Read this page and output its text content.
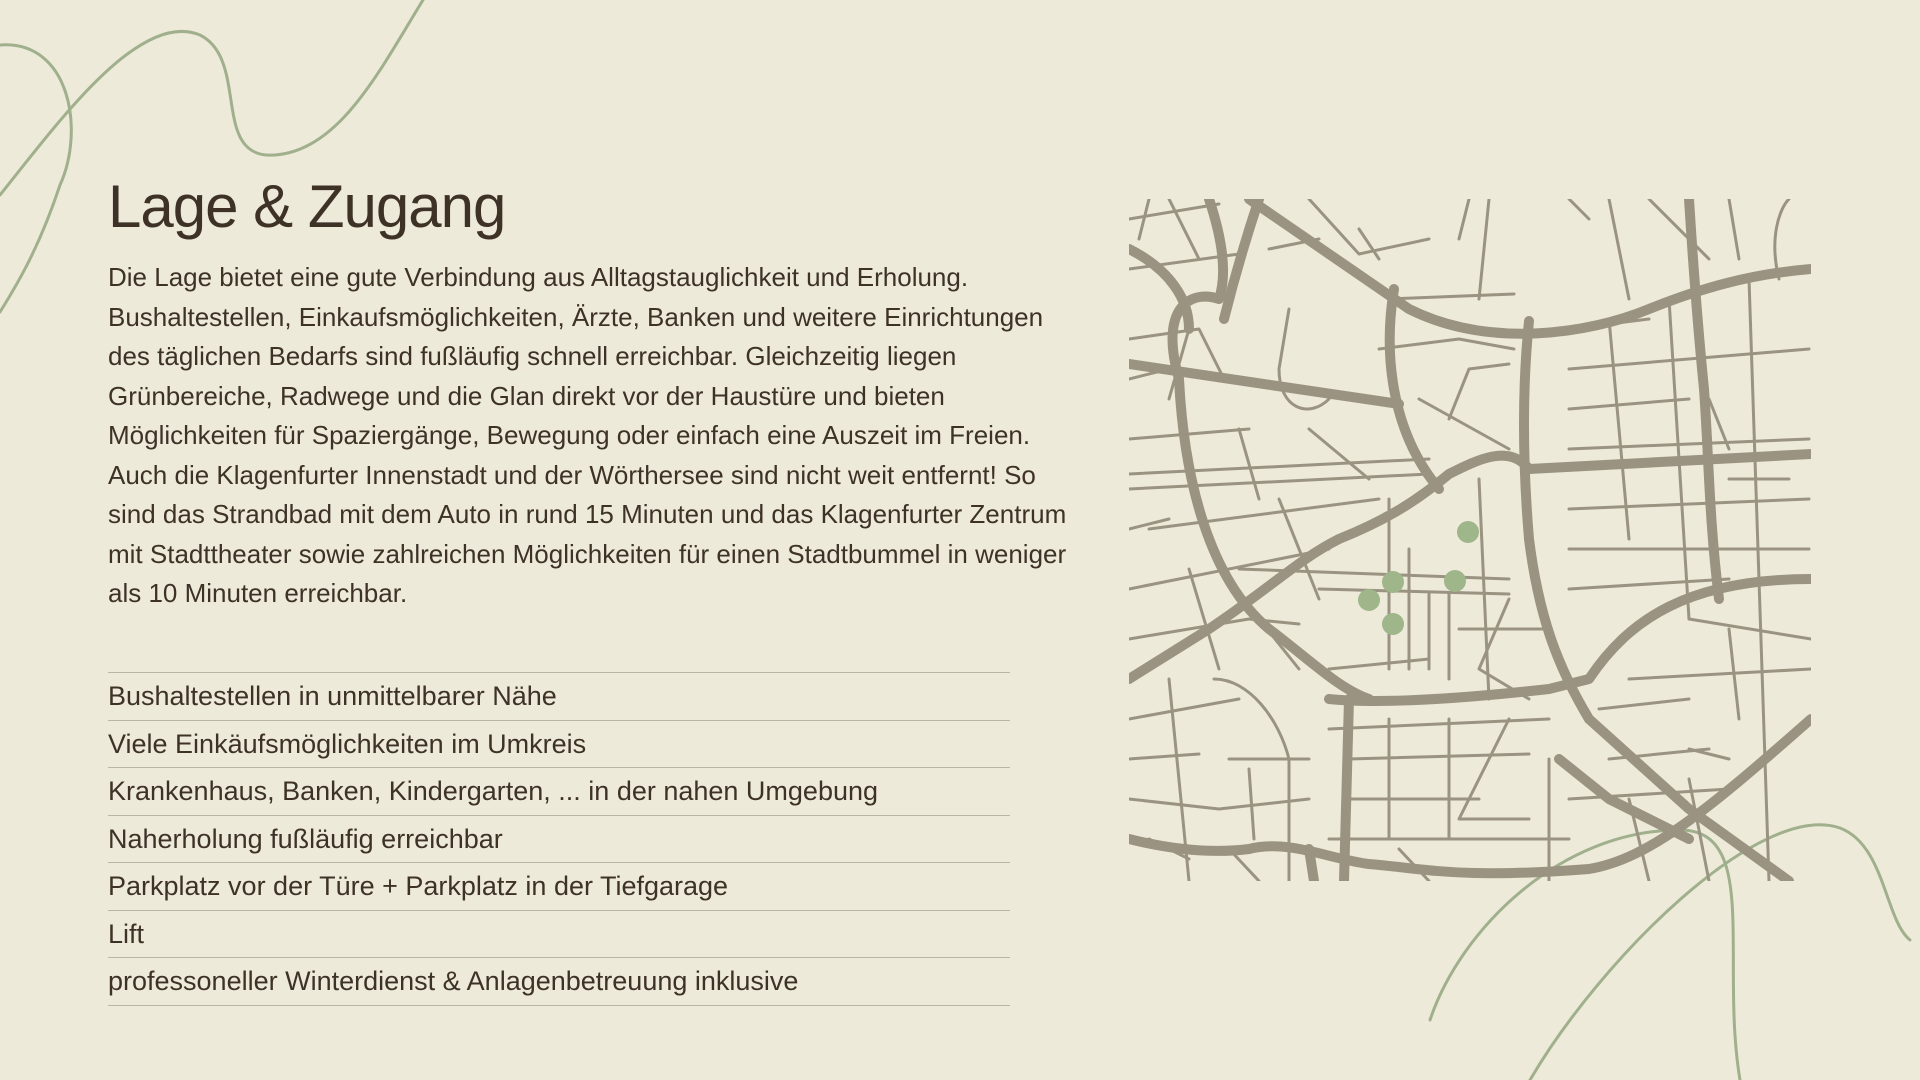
Lage & Zugang

Die Lage bietet eine gute Verbindung aus Alltagstauglichkeit und Erholung. Bushaltestellen, Einkaufsmöglichkeiten, Ärzte, Banken und weitere Einrichtungen des täglichen Bedarfs sind fußläufig schnell erreichbar. Gleichzeitig liegen Grünbereiche, Radwege und die Glan direkt vor der Haustüre und bieten Möglichkeiten für Spaziergänge, Bewegung oder einfach eine Auszeit im Freien. Auch die Klagenfurter Innenstadt und der Wörthersee sind nicht weit entfernt! So sind das Strandbad mit dem Auto in rund 15 Minuten und das Klagenfurter Zentrum mit Stadttheater sowie zahlreichen Möglichkeiten für einen Stadtbummel in weniger als 10 Minuten erreichbar.

Bushaltestellen in unmittelbarer Nähe
Viele Einkäufsmöglichkeiten im Umkreis
Krankenhaus, Banken, Kindergarten, ... in der nahen Umgebung
Naherholung fußläufig erreichbar
Parkplatz vor der Türe + Parkplatz in der Tiefgarage
Lift
professoneller Winterdienst & Anlagenbetreuung inklusive
